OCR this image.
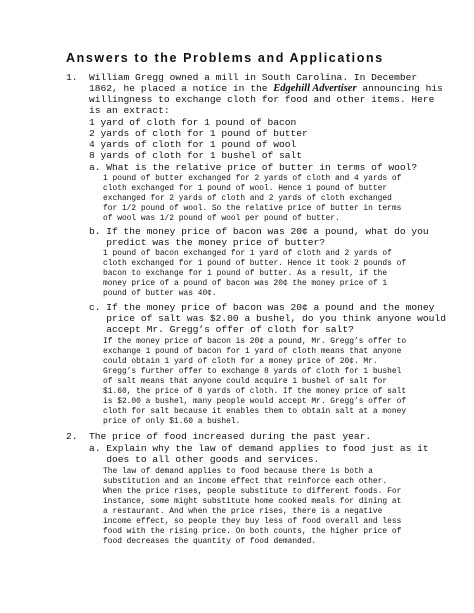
Answers to the Problems and Applications
1. William Gregg owned a mill in South Carolina. In December
1862, he placed a notice in the Edgehill Advertiser announcing his
willingness to exchange cloth for food and other items. Here
is an extract:
1 yard of cloth for 1 pound of bacon
2 yards of cloth for 1 pound of butter
4 yards of cloth for 1 pound of wool
8 yards of cloth for 1 bushel of salt
a. What is the relative price of butter in terms of wool?
1 pound of butter exchanged for 2 yards of cloth and 4 yards of
cloth exchanged for 1 pound of wool. Hence 1 pound of butter
exchanged for 2 yards of cloth and 2 yards of cloth exchanged
for 1/2 pound of wool. So the relative price of butter in terms
of wool was 1/2 pound of wool per pound of butter.
b. If the money price of bacon was 20¢ a pound, what do you
predict was the money price of butter?
1 pound of bacon exchanged for 1 yard of cloth and 2 yards of
cloth exchanged for 1 pound of butter. Hence it took 2 pounds of
bacon to exchange for 1 pound of butter. As a result, if the
money price of a pound of bacon was 20¢ the money price of 1
pound of butter was 40¢.
c. If the money price of bacon was 20¢ a pound and the money
price of salt was $2.00 a bushel, do you think anyone would
accept Mr. Gregg’s offer of cloth for salt?
If the money price of bacon is 20¢ a pound, Mr. Gregg’s offer to
exchange 1 pound of bacon for 1 yard of cloth means that anyone
could obtain 1 yard of cloth for a money price of 20¢. Mr.
Gregg’s further offer to exchange 8 yards of cloth for 1 bushel
of salt means that anyone could acquire 1 bushel of salt for
$1.60, the price of 8 yards of cloth. If the money price of salt
is $2.00 a bushel, many people would accept Mr. Gregg’s offer of
cloth for salt because it enables them to obtain salt at a money
price of only $1.60 a bushel.
2. The price of food increased during the past year.
a. Explain why the law of demand applies to food just as it
does to all other goods and services.
The law of demand applies to food because there is both a
substitution and an income effect that reinforce each other.
When the price rises, people substitute to different foods. For
instance, some might substitute home cooked meals for dining at
a restaurant. And when the price rises, there is a negative
income effect, so people they buy less of food overall and less
food with the rising price. On both counts, the higher price of
food decreases the quantity of food demanded.
